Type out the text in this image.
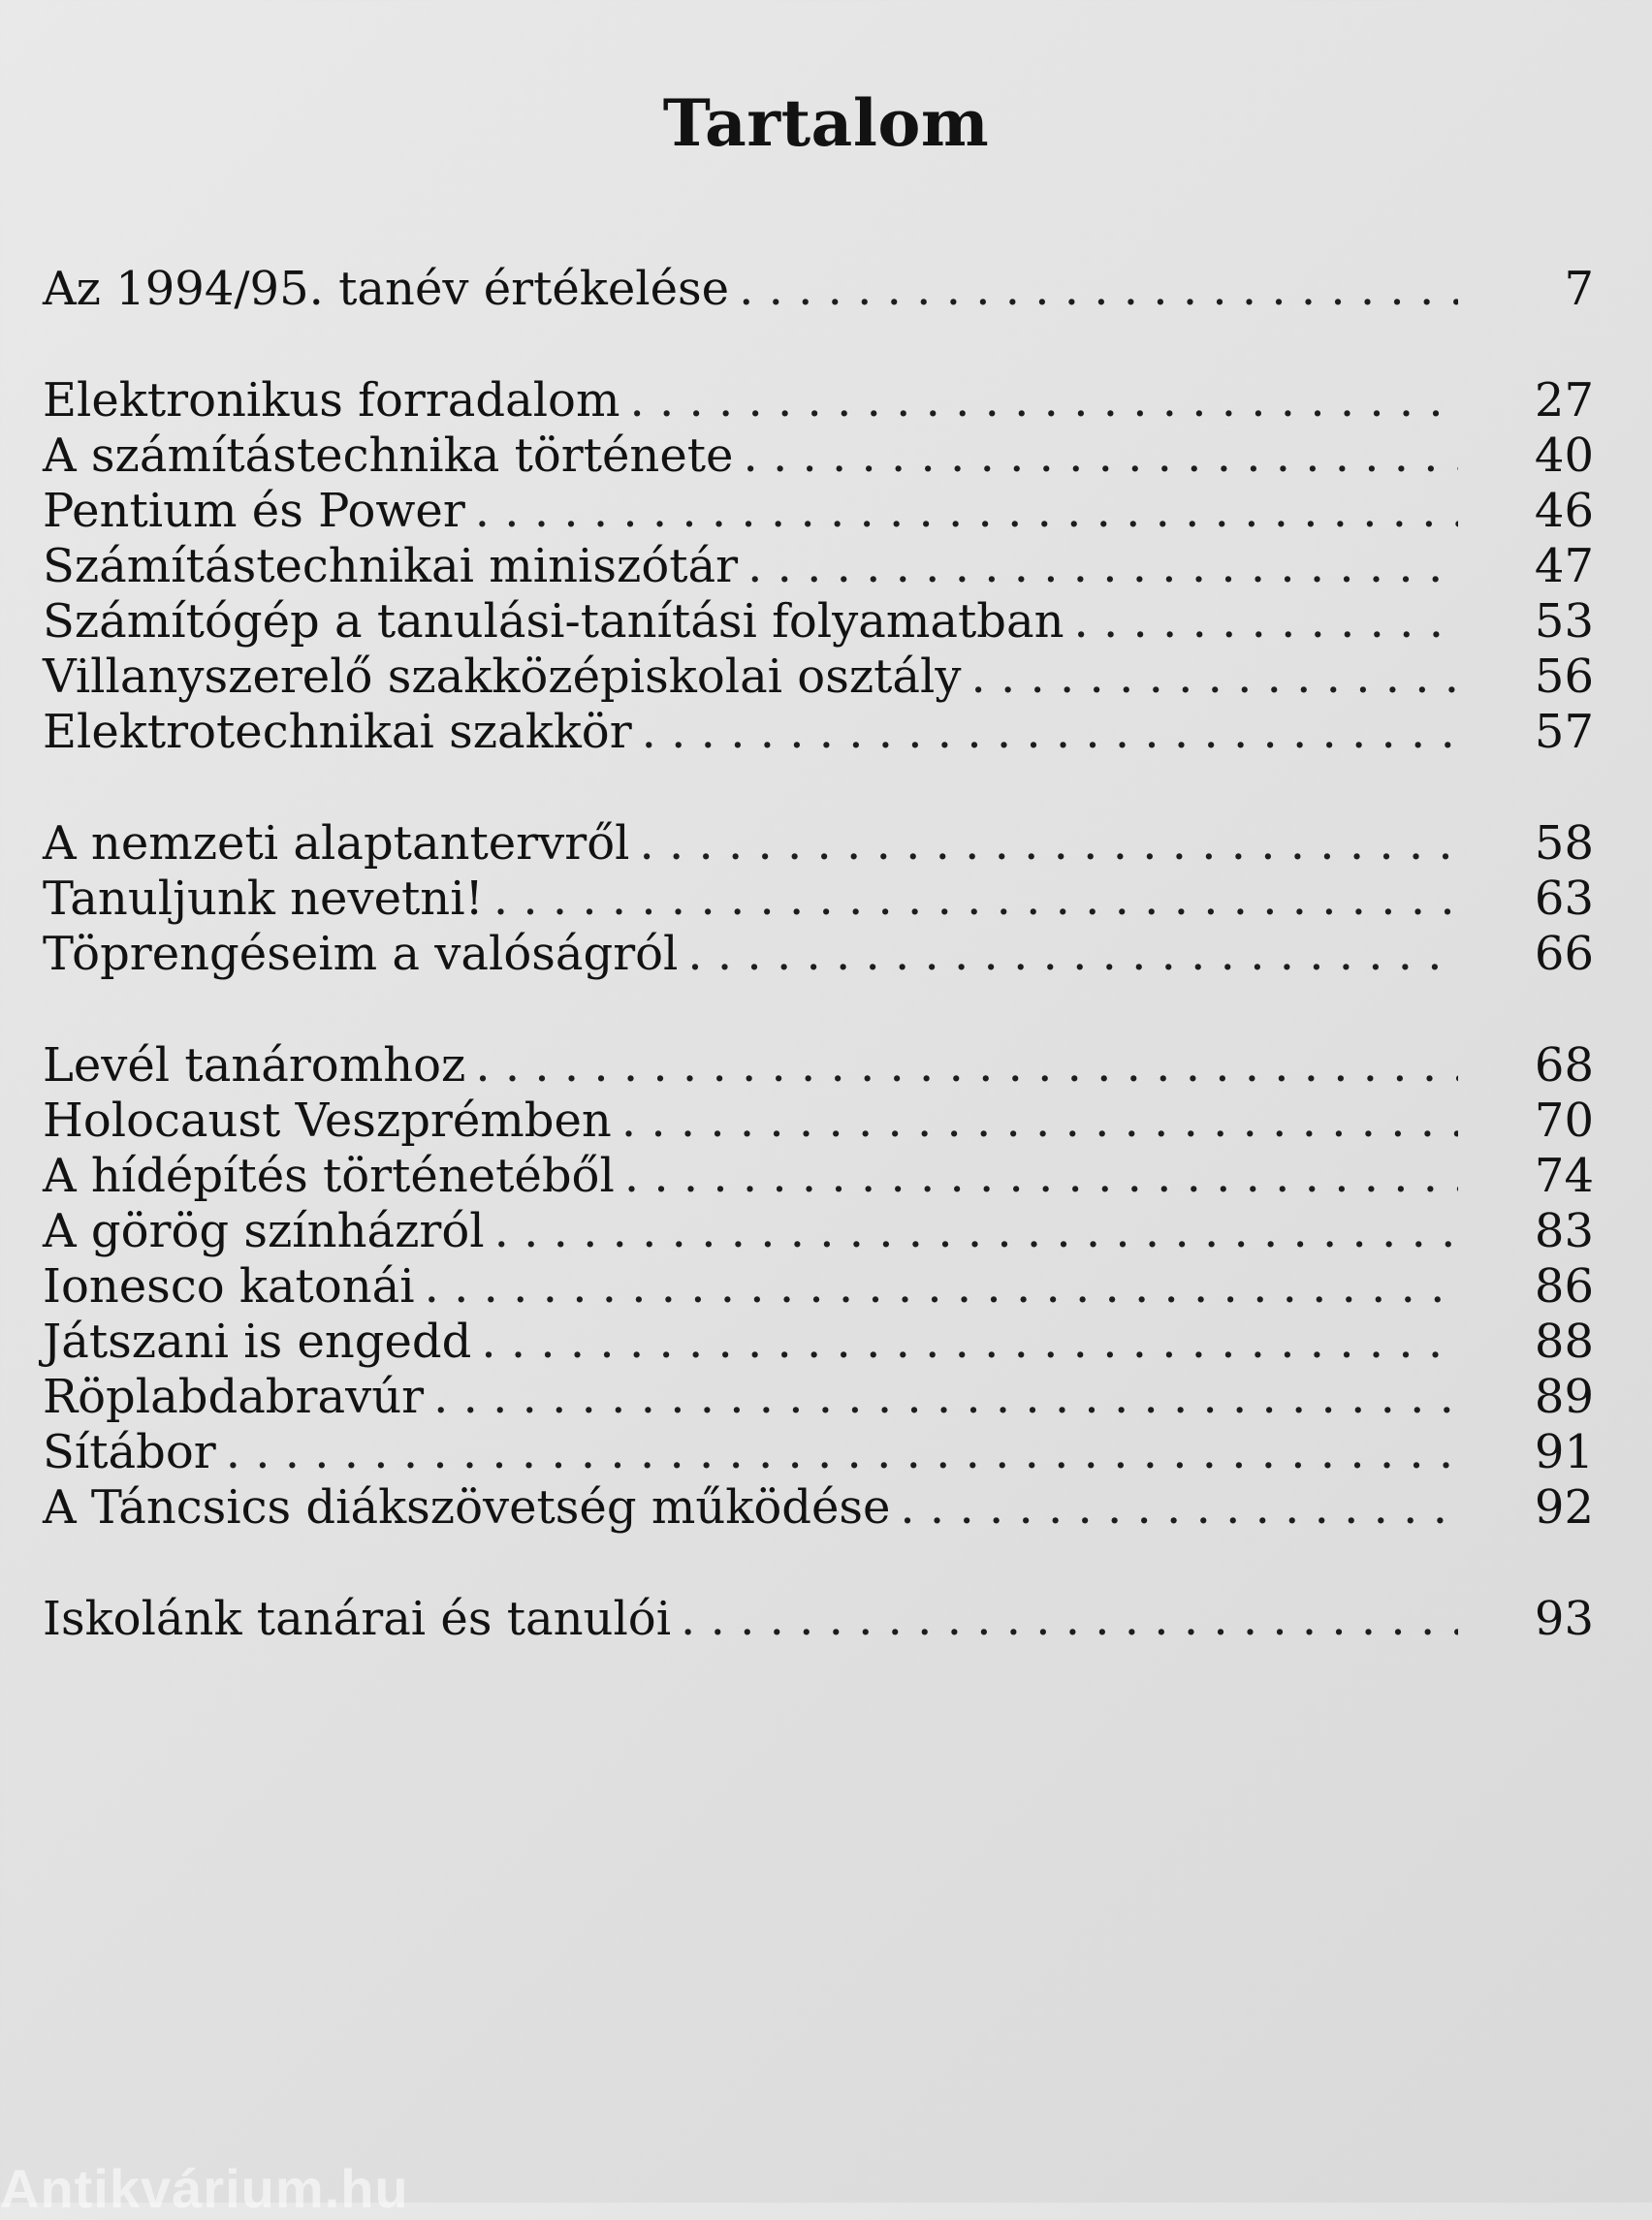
Tartalom
Az 1994/95. tanév értékelése . . .	7
Elektronikus forradalom . . .	27
A számítástechnika története . . .	40
Pentium és Power . . .	46
Számítástechnikai miniszótár . . .	47
Számítógép a tanulási-tanítási folyamatban . . .	53
Villanyszerelő szakközépiskolai osztály . . .	56
Elektrotechnikai szakkör . . .	57
A nemzeti alaptantervről . . .	58
Tanuljunk nevetni! . . .	63
Töprengéseim a valóságról . . .	66
Levél tanáromhoz . . .	68
Holocaust Veszprémben . . .	70
A hídépítés történetéből . . .	74
A görög színházról . . .	83
Ionesco katonái . . .	86
Játszani is engedd . . .	88
Röplabdabravúr . . .	89
Sítábor . . .	91
A Táncsics diákszövetség működése . . .	92
Iskolánk tanárai és tanulói . . .	93
Antikvárium.hu
